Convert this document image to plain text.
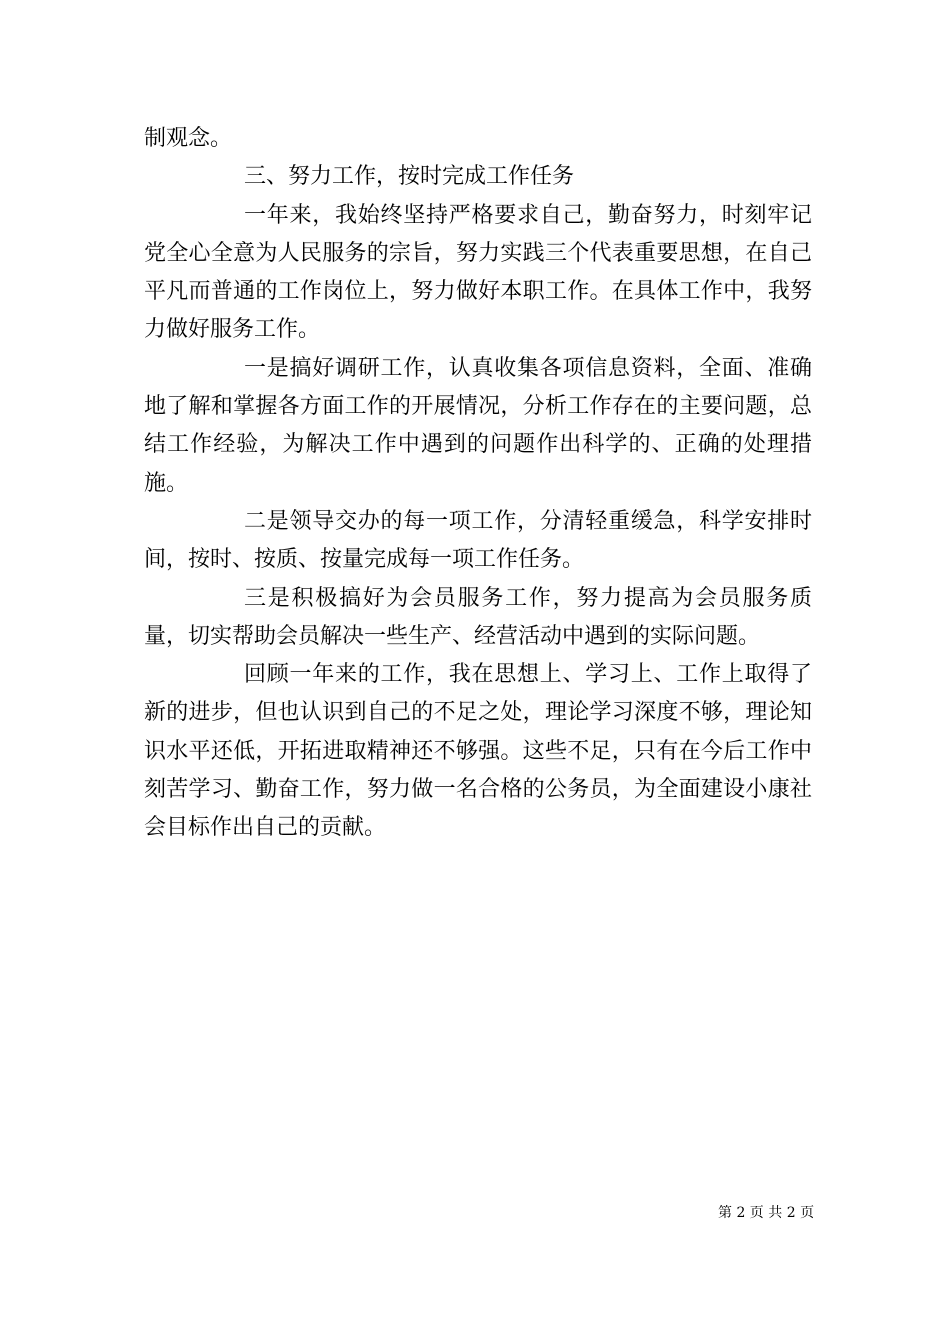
制观念。

三、努力工作，按时完成工作任务

一年来，我始终坚持严格要求自己，勤奋努力，时刻牢记党全心全意为人民服务的宗旨，努力实践三个代表重要思想，在自己平凡而普通的工作岗位上，努力做好本职工作。在具体工作中，我努力做好服务工作。

一是搞好调研工作，认真收集各项信息资料，全面、准确地了解和掌握各方面工作的开展情况，分析工作存在的主要问题，总结工作经验，为解决工作中遇到的问题作出科学的、正确的处理措施。

二是领导交办的每一项工作，分清轻重缓急，科学安排时间，按时、按质、按量完成每一项工作任务。

三是积极搞好为会员服务工作，努力提高为会员服务质量，切实帮助会员解决一些生产、经营活动中遇到的实际问题。

回顾一年来的工作，我在思想上、学习上、工作上取得了新的进步，但也认识到自己的不足之处，理论学习深度不够，理论知识水平还低，开拓进取精神还不够强。这些不足，只有在今后工作中刻苦学习、勤奋工作，努力做一名合格的公务员，为全面建设小康社会目标作出自己的贡献。

第 2 页 共 2 页
